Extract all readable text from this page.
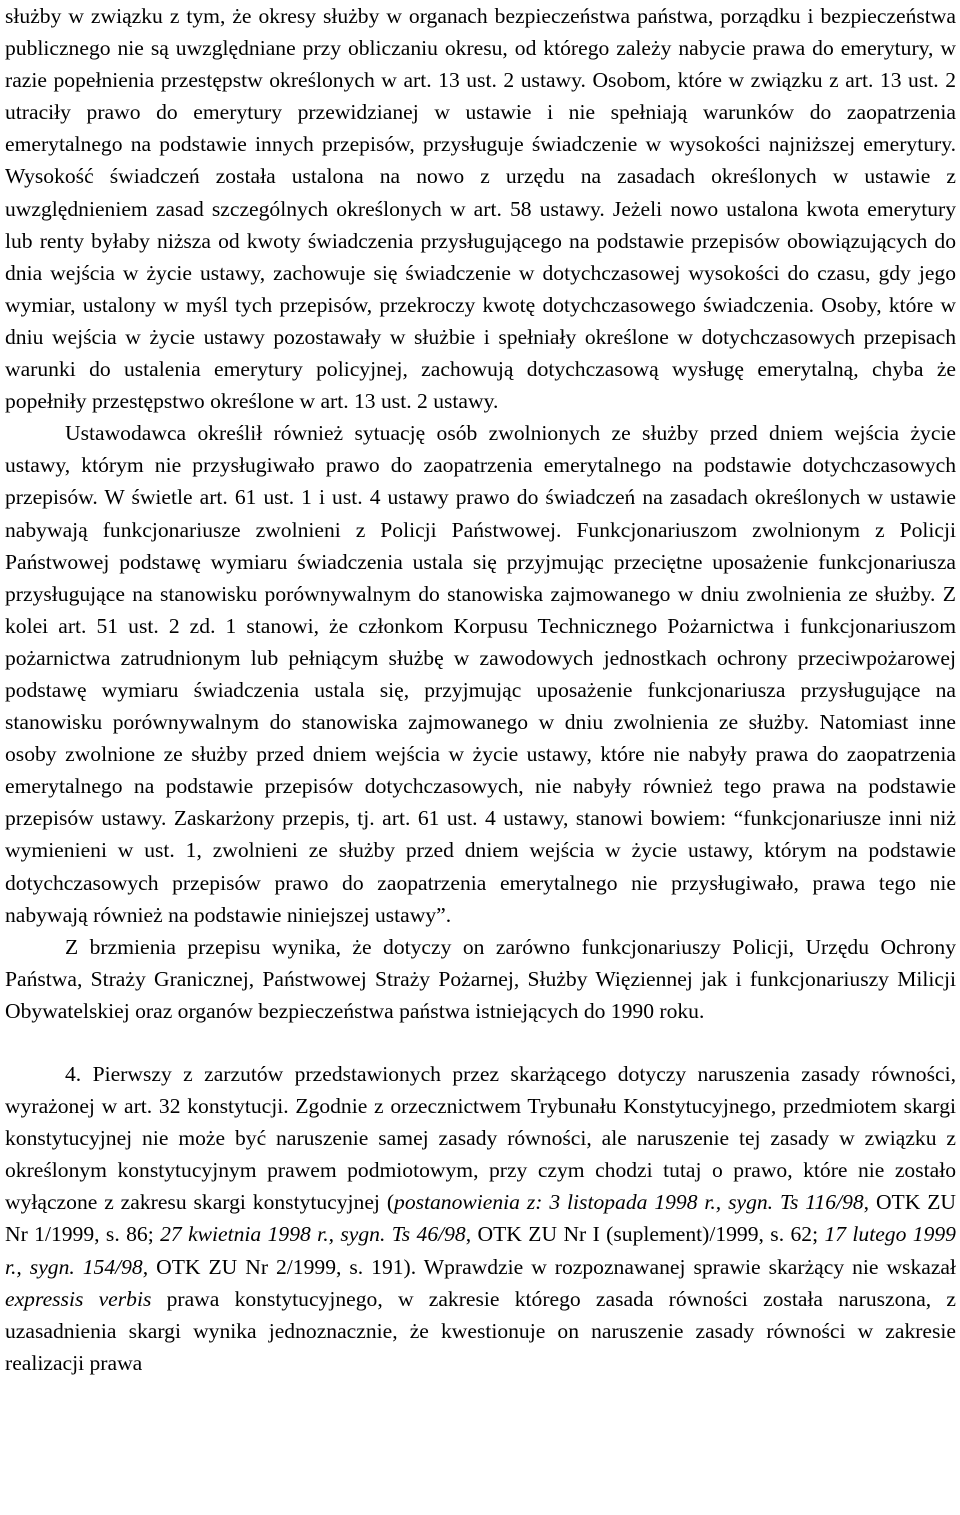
służby w związku z tym, że okresy służby w organach bezpieczeństwa państwa, porządku i bezpieczeństwa publicznego nie są uwzględniane przy obliczaniu okresu, od którego zależy nabycie prawa do emerytury, w razie popełnienia przestępstw określonych w art. 13 ust. 2 ustawy. Osobom, które w związku z art. 13 ust. 2 utraciły prawo do emerytury przewidzianej w ustawie i nie spełniają warunków do zaopatrzenia emerytalnego na podstawie innych przepisów, przysługuje świadczenie w wysokości najniższej emerytury. Wysokość świadczeń została ustalona na nowo z urzędu na zasadach określonych w ustawie z uwzględnieniem zasad szczególnych określonych w art. 58 ustawy. Jeżeli nowo ustalona kwota emerytury lub renty byłaby niższa od kwoty świadczenia przysługującego na podstawie przepisów obowiązujących do dnia wejścia w życie ustawy, zachowuje się świadczenie w dotychczasowej wysokości do czasu, gdy jego wymiar, ustalony w myśl tych przepisów, przekroczy kwotę dotychczasowego świadczenia. Osoby, które w dniu wejścia w życie ustawy pozostawały w służbie i spełniały określone w dotychczasowych przepisach warunki do ustalenia emerytury policyjnej, zachowują dotychczasową wysługę emerytalną, chyba że popełniły przestępstwo określone w art. 13 ust. 2 ustawy.

Ustawodawca określił również sytuację osób zwolnionych ze służby przed dniem wejścia życie ustawy, którym nie przysługiwało prawo do zaopatrzenia emerytalnego na podstawie dotychczasowych przepisów. W świetle art. 61 ust. 1 i ust. 4 ustawy prawo do świadczeń na zasadach określonych w ustawie nabywają funkcjonariusze zwolnieni z Policji Państwowej. Funkcjonariuszom zwolnionym z Policji Państwowej podstawę wymiaru świadczenia ustala się przyjmując przeciętne uposażenie funkcjonariusza przysługujące na stanowisku porównywalnym do stanowiska zajmowanego w dniu zwolnienia ze służby. Z kolei art. 51 ust. 2 zd. 1 stanowi, że członkom Korpusu Technicznego Pożarnictwa i funkcjonariuszom pożarnictwa zatrudnionym lub pełniącym służbę w zawodowych jednostkach ochrony przeciwpożarowej podstawę wymiaru świadczenia ustala się, przyjmując uposażenie funkcjonariusza przysługujące na stanowisku porównywalnym do stanowiska zajmowanego w dniu zwolnienia ze służby. Natomiast inne osoby zwolnione ze służby przed dniem wejścia w życie ustawy, które nie nabyły prawa do zaopatrzenia emerytalnego na podstawie przepisów dotychczasowych, nie nabyły również tego prawa na podstawie przepisów ustawy. Zaskarżony przepis, tj. art. 61 ust. 4 ustawy, stanowi bowiem: “funkcjonariusze inni niż wymienieni w ust. 1, zwolnieni ze służby przed dniem wejścia w życie ustawy, którym na podstawie dotychczasowych przepisów prawo do zaopatrzenia emerytalnego nie przysługiwało, prawa tego nie nabywają również na podstawie niniejszej ustawy”.

Z brzmienia przepisu wynika, że dotyczy on zarówno funkcjonariuszy Policji, Urzędu Ochrony Państwa, Straży Granicznej, Państwowej Straży Pożarnej, Służby Więziennej jak i funkcjonariuszy Milicji Obywatelskiej oraz organów bezpieczeństwa państwa istniejących do 1990 roku.

4. Pierwszy z zarzutów przedstawionych przez skarżącego dotyczy naruszenia zasady równości, wyrażonej w art. 32 konstytucji. Zgodnie z orzecznictwem Trybunału Konstytucyjnego, przedmiotem skargi konstytucyjnej nie może być naruszenie samej zasady równości, ale naruszenie tej zasady w związku z określonym konstytucyjnym prawem podmiotowym, przy czym chodzi tutaj o prawo, które nie zostało wyłączone z zakresu skargi konstytucyjnej (postanowienia z: 3 listopada 1998 r., sygn. Ts 116/98, OTK ZU Nr 1/1999, s. 86; 27 kwietnia 1998 r., sygn. Ts 46/98, OTK ZU Nr I (suplement)/1999, s. 62; 17 lutego 1999 r., sygn. 154/98, OTK ZU Nr 2/1999, s. 191). Wprawdzie w rozpoznawanej sprawie skarżący nie wskazał expressis verbis prawa konstytucyjnego, w zakresie którego zasada równości została naruszona, z uzasadnienia skargi wynika jednoznacznie, że kwestionuje on naruszenie zasady równości w zakresie realizacji prawa
